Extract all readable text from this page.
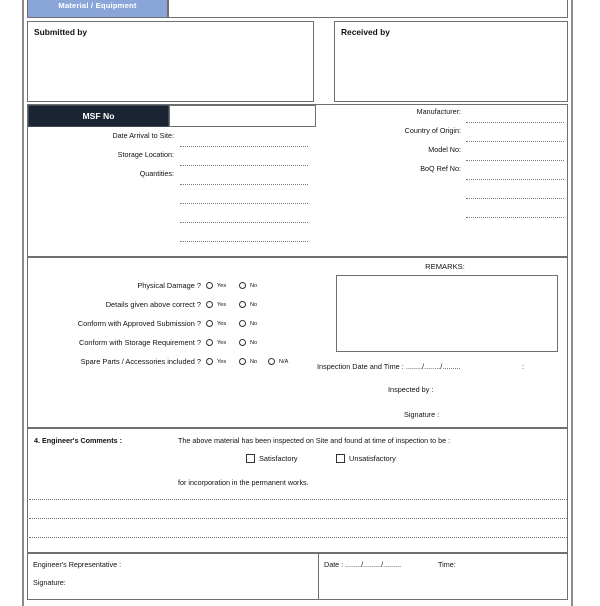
Material / Equipment
Submitted by	Received by
MSF No
Date Arrival to Site:
Storage Location:
Quantities:
Manufacturer:
Country of Origin:
Model No:
BoQ Ref No:
Physical Damage ?	Yes	No
Details given above correct ?	Yes	No
Conform with Approved Submission ?	Yes	No
Conform with Storage Requirement ?	Yes	No
Spare Parts / Accessories included ?	Yes	No	N/A
REMARKS:
Inspection Date and Time : ......../......../.........	:
Inspected by :
Signature :
4. Engineer's Comments :	The above material has been inspected on Site and found at time of inspection to be :
Satisfactory	Unsatisfactory
for incorporation in the permanent works.
Engineer's Representative :
Signature:
Date : ......../........./.........	Time:
